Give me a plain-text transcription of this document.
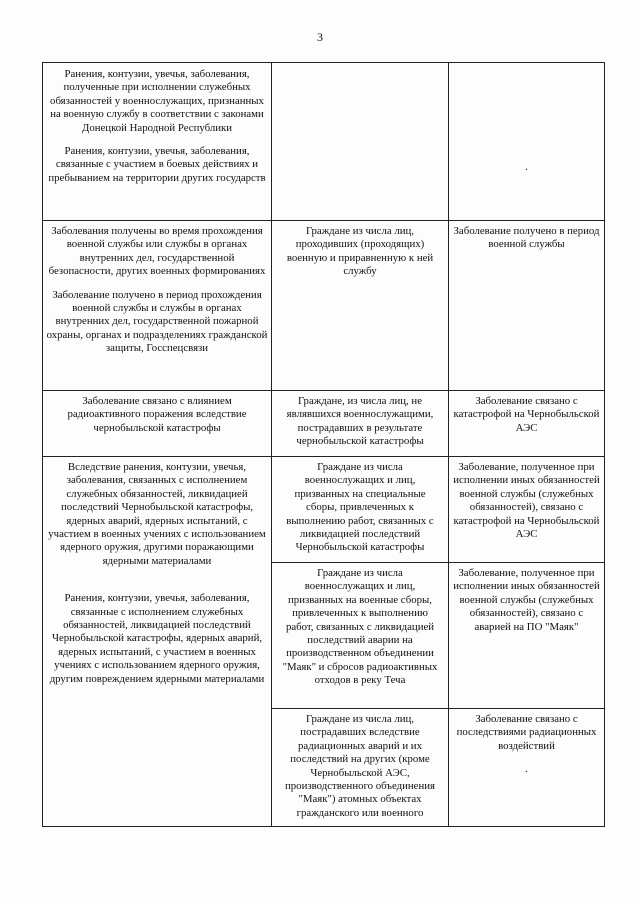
3
Ранения, контузии, увечья, заболевания, полученные при исполнении служебных обязанностей у военнослужащих, признанных на военную службу в соответствии с законами Донецкой Народной Республики
Ранения, контузии, увечья, заболевания, связанные с участием в боевых действиях и пребыванием на территории других государств		.

Заболевания получены во время прохождения военной службы или службы в органах внутренних дел, государственной безопасности, других военных формированиях
Заболевание получено в период прохождения военной службы и службы в органах внутренних дел, государственной пожарной охраны, органах и подразделениях гражданской защиты, Госспецсвязи	Граждане из числа лиц, проходивших (проходящих) военную и приравненную к ней службу	Заболевание получено в период военной службы

Заболевание связано с влиянием радиоактивного поражения вследствие чернобыльской катастрофы	Граждане, из числа лиц, не являвшихся военнослужащими, пострадавших в результате чернобыльской катастрофы	Заболевание связано с катастрофой на Чернобыльской АЭС

Вследствие ранения, контузии, увечья, заболевания, связанных с исполнением служебных обязанностей, ликвидацией последствий Чернобыльской катастрофы, ядерных аварий, ядерных испытаний, с участием в военных учениях с использованием ядерного оружия, другими поражающими ядерными материалами
Ранения, контузии, увечья, заболевания, связанные с исполнением служебных обязанностей, ликвидацией последствий Чернобыльской катастрофы, ядерных аварий, ядерных испытаний, с участием в военных учениях с использованием ядерного оружия, другим повреждением ядерными материалами	Граждане из числа военнослужащих и лиц, призванных на специальные сборы, привлеченных к выполнению работ, связанных с ликвидацией последствий Чернобыльской катастрофы	Заболевание, полученное при исполнении иных обязанностей военной службы (служебных обязанностей), связано с катастрофой на Чернобыльской АЭС

	Граждане из числа военнослужащих и лиц, призванных на военные сборы, привлеченных к выполнению работ, связанных с ликвидацией последствий аварии на производственном объединении "Маяк" и сбросов радиоактивных отходов в реку Теча	Заболевание, полученное при исполнении иных обязанностей военной службы (служебных обязанностей), связано с аварией на ПО "Маяк"

	Граждане из числа лиц, пострадавших вследствие радиационных аварий и их последствий на других (кроме Чернобыльской АЭС, производственного объединения "Маяк") атомных объектах гражданского или военного	Заболевание связано с последствиями радиационных воздействий
.
